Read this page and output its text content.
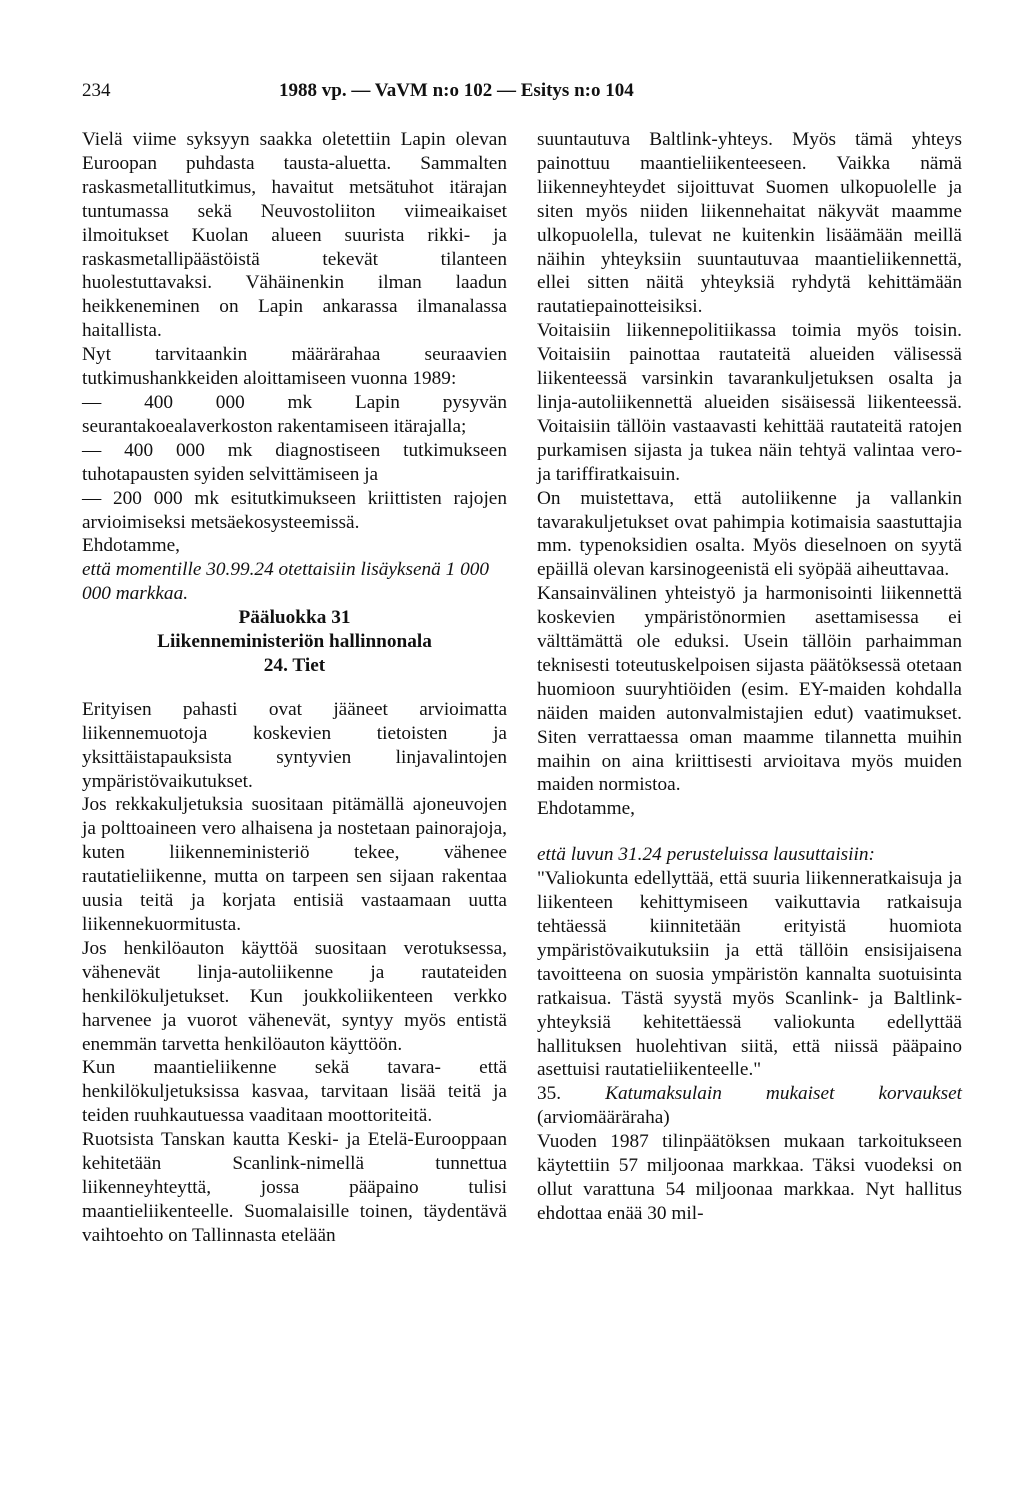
234	1988 vp. — VaVM n:o 102 — Esitys n:o 104

Vielä viime syksyyn saakka oletettiin Lapin olevan Euroopan puhdasta tausta-aluetta. Sammalten raskasmetallitutkimus, havaitut metsätuhot itärajan tuntumassa sekä Neuvostoliiton viimeaikaiset ilmoitukset Kuolan alueen suurista rikki- ja raskasmetallipäästöistä tekevät tilanteen huolestuttavaksi. Vähäinenkin ilman laadun heikkeneminen on Lapin ankarassa ilmanalassa haitallista.

Nyt tarvitaankin määrärahaa seuraavien tutkimushankkeiden aloittamiseen vuonna 1989:

— 400 000 mk Lapin pysyvän seurantakoealaverkoston rakentamiseen itärajalla;

— 400 000 mk diagnostiseen tutkimukseen tuhotapausten syiden selvittämiseen ja

— 200 000 mk esitutkimukseen kriittisten rajojen arvioimiseksi metsäekosysteemissä.

Ehdotamme,

että momentille 30.99.24 otettaisiin lisäyksenä 1 000 000 markkaa.

Pääluokka 31

Liikenneministeriön hallinnonala

24. Tiet

Erityisen pahasti ovat jääneet arvioimatta liikennemuotoja koskevien tietoisten ja yksittäistapauksista syntyvien linjavalintojen ympäristövaikutukset.

Jos rekkakuljetuksia suositaan pitämällä ajoneuvojen ja polttoaineen vero alhaisena ja nostetaan painorajoja, kuten liikenneministeriö tekee, vähenee rautatieliikenne, mutta on tarpeen sen sijaan rakentaa uusia teitä ja korjata entisiä vastaamaan uutta liikennekuormitusta.

Jos henkilöauton käyttöä suositaan verotuksessa, vähenevät linja-autoliikenne ja rautateiden henkilökuljetukset. Kun joukkoliikenteen verkko harvenee ja vuorot vähenevät, syntyy myös entistä enemmän tarvetta henkilöauton käyttöön.

Kun maantieliikenne sekä tavara- että henkilökuljetuksissa kasvaa, tarvitaan lisää teitä ja teiden ruuhkautuessa vaaditaan moottoriteitä.

Ruotsista Tanskan kautta Keski- ja Etelä-Eurooppaan kehitetään Scanlink-nimellä tunnettua liikenneyhteyttä, jossa pääpaino tulisi maantieliikenteelle. Suomalaisille toinen, täydentävä vaihtoehto on Tallinnasta etelään

suuntautuva Baltlink-yhteys. Myös tämä yhteys painottuu maantieliikenteeseen. Vaikka nämä liikenneyhteydet sijoittuvat Suomen ulkopuolelle ja siten myös niiden liikennehaitat näkyvät maamme ulkopuolella, tulevat ne kuitenkin lisäämään meillä näihin yhteyksiin suuntautuvaa maantieliikennettä, ellei sitten näitä yhteyksiä ryhdytä kehittämään rautatiepainotteisiksi.

Voitaisiin liikennepolitiikassa toimia myös toisin. Voitaisiin painottaa rautateitä alueiden välisessä liikenteessä varsinkin tavarankuljetuksen osalta ja linja-autoliikennettä alueiden sisäisessä liikenteessä. Voitaisiin tällöin vastaavasti kehittää rautateitä ratojen purkamisen sijasta ja tukea näin tehtyä valintaa vero- ja tariffiratkaisuin.

On muistettava, että autoliikenne ja vallankin tavarakuljetukset ovat pahimpia kotimaisia saastuttajia mm. typenoksidien osalta. Myös dieselnoen on syytä epäillä olevan karsinogeenistä eli syöpää aiheuttavaa.

Kansainvälinen yhteistyö ja harmonisointi liikennettä koskevien ympäristönormien asettamisessa ei välttämättä ole eduksi. Usein tällöin parhaimman teknisesti toteutuskelpoisen sijasta päätöksessä otetaan huomioon suuryhtiöiden (esim. EY-maiden kohdalla näiden maiden autonvalmistajien edut) vaatimukset. Siten verrattaessa oman maamme tilannetta muihin maihin on aina kriittisesti arvioitava myös muiden maiden normistoa.

Ehdotamme,

että luvun 31.24 perusteluissa lausuttaisiin:

"Valiokunta edellyttää, että suuria liikenneratkaisuja ja liikenteen kehittymiseen vaikuttavia ratkaisuja tehtäessä kiinnitetään erityistä huomiota ympäristövaikutuksiin ja että tällöin ensisijaisena tavoitteena on suosia ympäristön kannalta suotuisinta ratkaisua. Tästä syystä myös Scanlink- ja Baltlink-yhteyksiä kehitettäessä valiokunta edellyttää hallituksen huolehtivan siitä, että niissä pääpaino asettuisi rautatieliikenteelle."

35. Katumaksulain mukaiset korvaukset (arviomääräraha)

Vuoden 1987 tilinpäätöksen mukaan tarkoitukseen käytettiin 57 miljoonaa markkaa. Täksi vuodeksi on ollut varattuna 54 miljoonaa markkaa. Nyt hallitus ehdottaa enää 30 mil-
